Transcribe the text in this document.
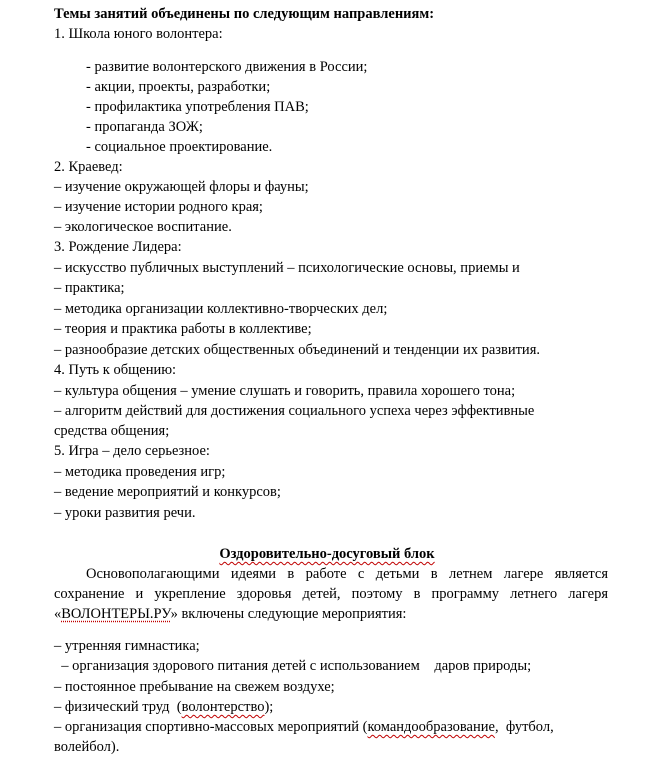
Темы занятий объединены по следующим направлениям:
1. Школа юного волонтера:
- развитие волонтерского движения в России;
- акции, проекты, разработки;
- профилактика употребления ПАВ;
- пропаганда ЗОЖ;
- социальное проектирование.
2. Краевед:
– изучение окружающей флоры и фауны;
– изучение истории родного края;
– экологическое воспитание.
3. Рождение Лидера:
– искусство публичных выступлений – психологические основы, приемы и
– практика;
– методика организации коллективно-творческих дел;
– теория и практика работы в коллективе;
– разнообразие детских общественных объединений и тенденции их развития.
4. Путь к общению:
– культура общения – умение слушать и говорить, правила хорошего тона;
– алгоритм действий для достижения социального успеха через эффективные
средства общения;
5. Игра – дело серьезное:
– методика проведения игр;
– ведение мероприятий и конкурсов;
– уроки развития речи.
Оздоровительно-досуговый блок
Основополагающими идеями в работе с детьми в летнем лагере является
сохранение и укрепление здоровья детей, поэтому в программу летнего лагеря
«ВОЛОНТЕРЫ.РУ» включены следующие мероприятия:
– утренняя гимнастика;
– организация здорового питания детей с использованием    даров природы;
– постоянное пребывание на свежем воздухе;
– физический труд  (волонтерство);
– организация спортивно-массовых мероприятий (командообразование,  футбол,
волейбол).
